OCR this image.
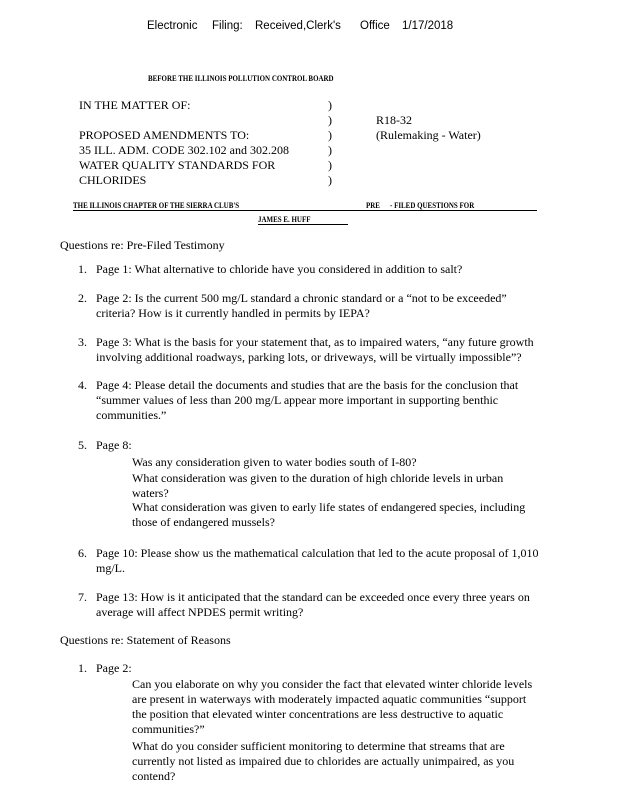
Electronic Filing: Received,Clerk's Office 1/17/2018
BEFORE THE ILLINOIS POLLUTION CONTROL BOARD
IN THE MATTER OF:
PROPOSED AMENDMENTS TO:
35 ILL. ADM. CODE 302.102 and 302.208
WATER QUALITY STANDARDS FOR
CHLORIDES
)
)
)
)
)
)
R18-32
(Rulemaking - Water)
THE ILLINOIS CHAPTER OF THE SIERRA CLUB'S	PRE - FILED QUESTIONS FOR
JAMES E. HUFF
Questions re: Pre-Filed Testimony
1. Page 1: What alternative to chloride have you considered in addition to salt?
2. Page 2: Is the current 500 mg/L standard a chronic standard or a “not to be exceeded”
criteria? How is it currently handled in permits by IEPA?
3. Page 3: What is the basis for your statement that, as to impaired waters, “any future growth
involving additional roadways, parking lots, or driveways, will be virtually impossible”?
4. Page 4: Please detail the documents and studies that are the basis for the conclusion that
“summer values of less than 200 mg/L appear more important in supporting benthic
communities.”
5. Page 8:
Was any consideration given to water bodies south of I-80?
What consideration was given to the duration of high chloride levels in urban
waters?
What consideration was given to early life states of endangered species, including
those of endangered mussels?
6. Page 10: Please show us the mathematical calculation that led to the acute proposal of 1,010
mg/L.
7. Page 13: How is it anticipated that the standard can be exceeded once every three years on
average will affect NPDES permit writing?
Questions re: Statement of Reasons
1. Page 2:
Can you elaborate on why you consider the fact that elevated winter chloride levels
are present in waterways with moderately impacted aquatic communities “support
the position that elevated winter concentrations are less destructive to aquatic
communities?”
What do you consider sufficient monitoring to determine that streams that are
currently not listed as impaired due to chlorides are actually unimpaired, as you
contend?
